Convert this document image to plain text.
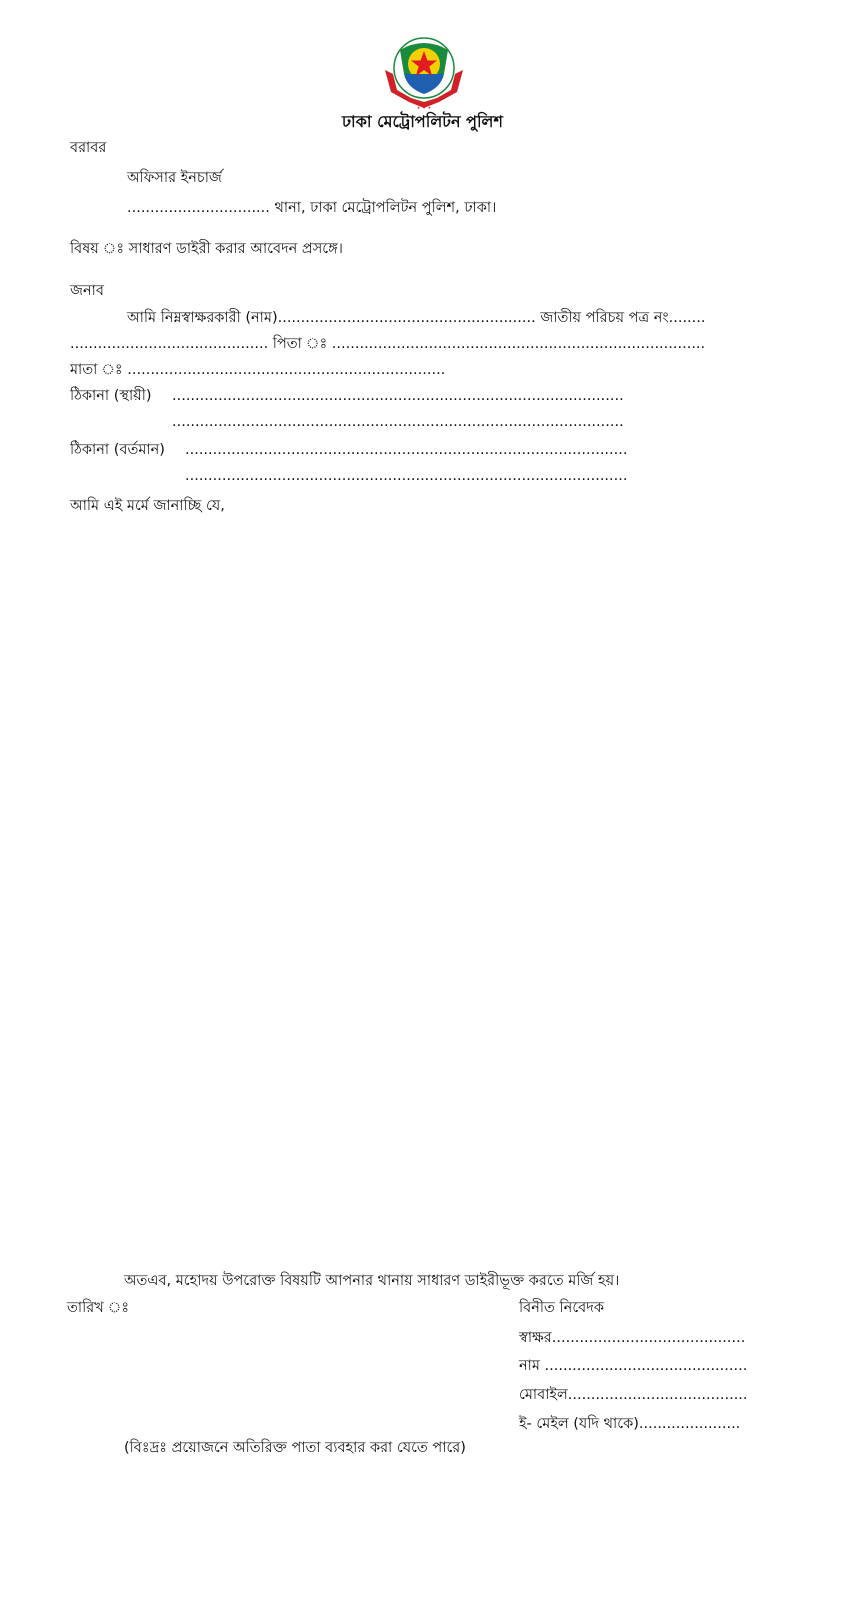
• • •
ঢাকা মেট্রোপলিটন পুলিশ
বরাবর
অফিসার ইনচার্জ
............................... থানা, ঢাকা মেট্রোপলিটন পুলিশ, ঢাকা।
বিষয় ঃ সাধারণ ডাইরী করার আবেদন প্রসঙ্গে।
জনাব
আমি নিম্নস্বাক্ষরকারী (নাম)........................................................ জাতীয় পরিচয় পত্র নং........
........................................... পিতা ঃ .................................................................................
মাতা ঃ .....................................................................
ঠিকানা (স্থায়ী) ..................................................................................................
..................................................................................................
ঠিকানা (বর্তমান) ................................................................................................
................................................................................................
আমি এই মর্মে জানাচ্ছি যে,
অতএব, মহোদয় উপরোক্ত বিষয়টি আপনার থানায় সাধারণ ডাইরীভূক্ত করতে মর্জি হয়।
তারিখ ঃ	বিনীত নিবেদক
স্বাক্ষর..........................................
নাম ............................................
মোবাইল.......................................
ই- মেইল (যদি থাকে)......................
(বিঃদ্রঃ প্রয়োজনে অতিরিক্ত পাতা ব্যবহার করা যেতে পারে)
